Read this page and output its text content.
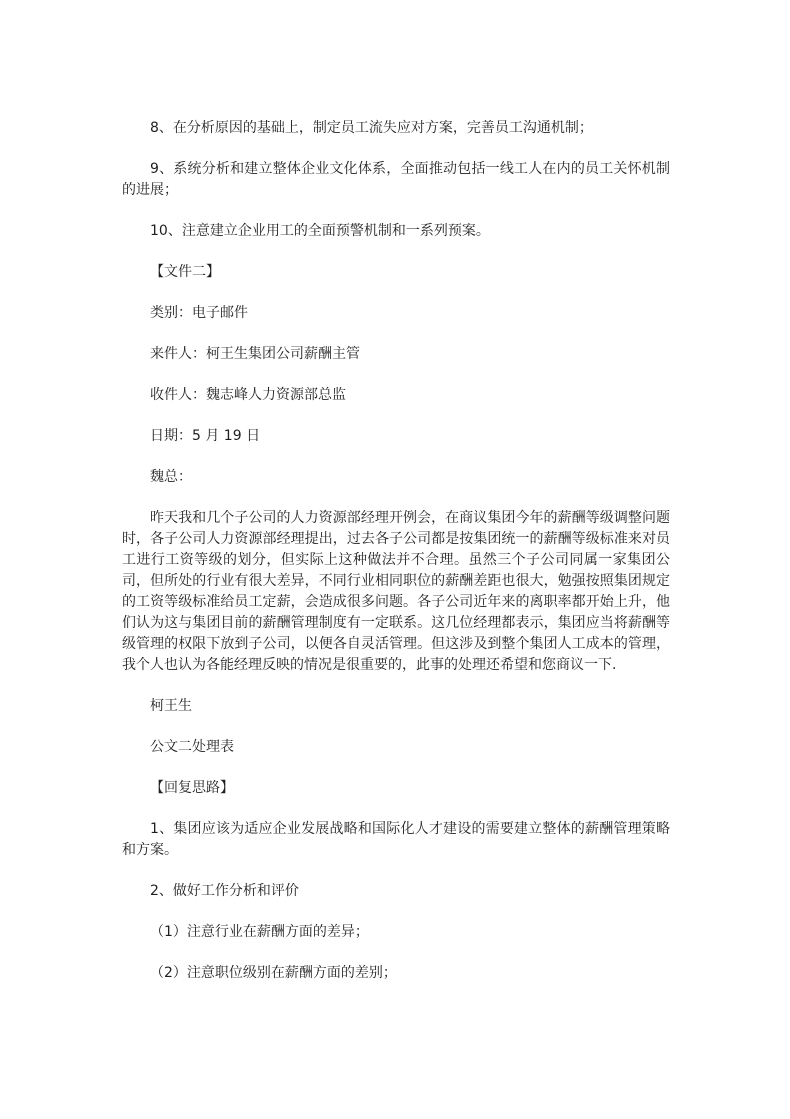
8、在分析原因的基础上，制定员工流失应对方案，完善员工沟通机制；

9、系统分析和建立整体企业文化体系，全面推动包括一线工人在内的员工关怀机制的进展；

10、注意建立企业用工的全面预警机制和一系列预案。

【文件二】

类别：电子邮件

来件人：柯王生集团公司薪酬主管

收件人：魏志峰人力资源部总监

日期：5 月 19 日

魏总：

昨天我和几个子公司的人力资源部经理开例会，在商议集团今年的薪酬等级调整问题时，各子公司人力资源部经理提出，过去各子公司都是按集团统一的薪酬等级标准来对员工进行工资等级的划分，但实际上这种做法并不合理。虽然三个子公司同属一家集团公司，但所处的行业有很大差异，不同行业相同职位的薪酬差距也很大，勉强按照集团规定的工资等级标准给员工定薪，会造成很多问题。各子公司近年来的离职率都开始上升，他们认为这与集团目前的薪酬管理制度有一定联系。这几位经理都表示，集团应当将薪酬等级管理的权限下放到子公司，以便各自灵活管理。但这涉及到整个集团人工成本的管理，我个人也认为各能经理反映的情况是很重要的，此事的处理还希望和您商议一下.

柯王生

公文二处理表

【回复思路】

1、集团应该为适应企业发展战略和国际化人才建设的需要建立整体的薪酬管理策略和方案。

2、做好工作分析和评价

（1）注意行业在薪酬方面的差异；

（2）注意职位级别在薪酬方面的差别；
